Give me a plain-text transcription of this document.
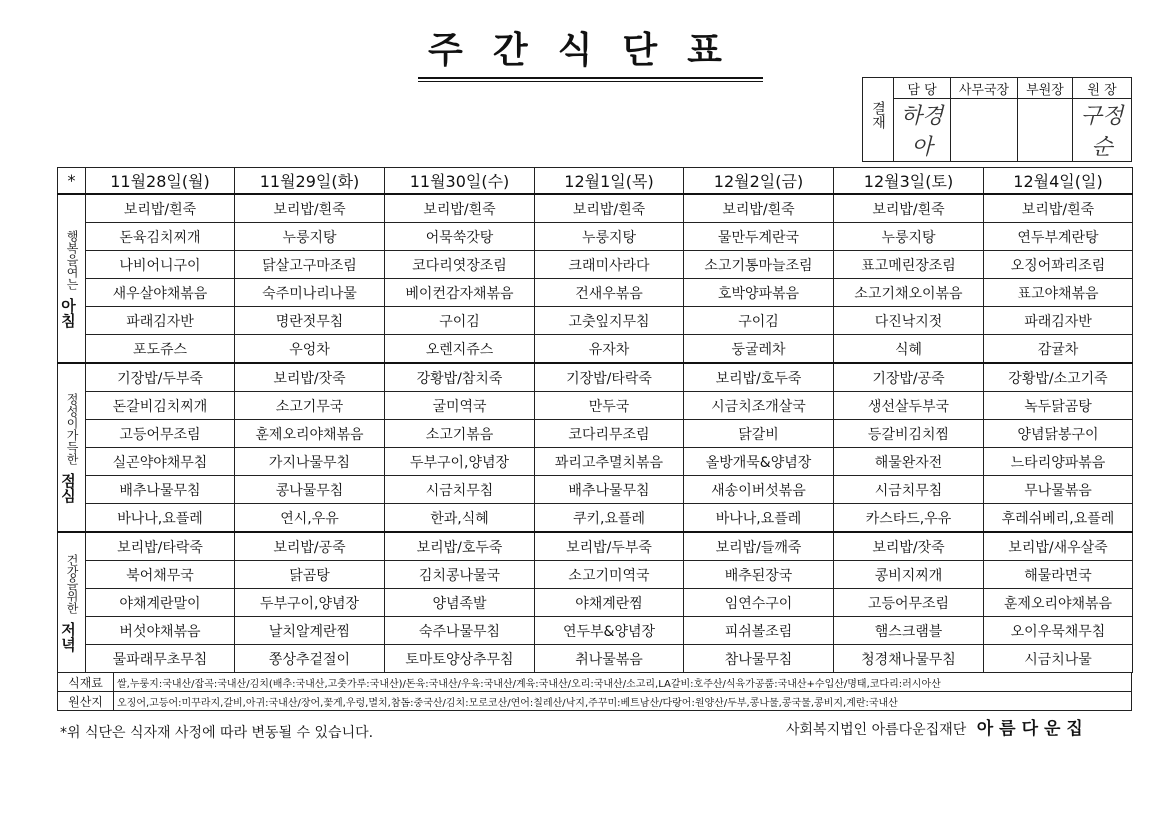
주간식단표
결재	담 당	사무국장	부원장	원 장
	하경아			구정순
*	11월28일(월)	11월29일(화)	11월30일(수)	12월1일(목)	12월2일(금)	12월3일(토)	12월4일(일)
행복을여는
아침	보리밥/흰죽	보리밥/흰죽	보리밥/흰죽	보리밥/흰죽	보리밥/흰죽	보리밥/흰죽	보리밥/흰죽
	돈육김치찌개	누룽지탕	어묵쑥갓탕	누룽지탕	물만두계란국	누룽지탕	연두부계란탕
	나비어니구이	닭살고구마조림	코다리엿장조림	크래미사라다	소고기통마늘조림	표고메린장조림	오징어꽈리조림
	새우살야채볶음	숙주미나리나물	베이컨감자채볶음	건새우볶음	호박양파볶음	소고기채오이볶음	표고야채볶음
	파래김자반	명란젓무침	구이김	고춧잎지무침	구이김	다진낙지젓	파래김자반
	포도쥬스	우엉차	오렌지쥬스	유자차	둥굴레차	식혜	감귤차
정성이가득한
점심	기장밥/두부죽	보리밥/잣죽	강황밥/참치죽	기장밥/타락죽	보리밥/호두죽	기장밥/공죽	강황밥/소고기죽
	돈갈비김치찌개	소고기무국	굴미역국	만두국	시금치조개살국	생선살두부국	녹두닭곰탕
	고등어무조림	훈제오리야채볶음	소고기볶음	코다리무조림	닭갈비	등갈비김치찜	양념닭봉구이
	실곤약야채무침	가지나물무침	두부구이,양념장	꽈리고추멸치볶음	올방개묵&양념장	해물완자전	느타리양파볶음
	배추나물무침	콩나물무침	시금치무침	배추나물무침	새송이버섯볶음	시금치무침	무나물볶음
	바나나,요플레	연시,우유	한과,식혜	쿠키,요플레	바나나,요플레	카스타드,우유	후레쉬베리,요플레
건강을위한
저녁	보리밥/타락죽	보리밥/공죽	보리밥/호두죽	보리밥/두부죽	보리밥/들깨죽	보리밥/잣죽	보리밥/새우살죽
	북어채무국	닭곰탕	김치콩나물국	소고기미역국	배추된장국	콩비지찌개	해물라면국
	야채계란말이	두부구이,양념장	양념족발	야채계란찜	임연수구이	고등어무조림	훈제오리야채볶음
	버섯야채볶음	날치알계란찜	숙주나물무침	연두부&양념장	피쉬볼조림	햄스크램블	오이우묵채무침
	물파래무초무침	쫑상추겉절이	토마토양상추무침	취나물볶음	참나물무침	청경채나물무침	시금치나물
식재료	쌀,누룽지:국내산/잡곡:국내산/김치(배추:국내산,고춧가루:국내산)/돈육:국내산/우육:국내산/계육:국내산/오리:국내산/소고리,LA갈비:호주산/식육가공품:국내산+수입산/명태,코다리:러시아산
원산지	오징어,고등어:미꾸라지,갈비,아귀:국내산/장어,꽃게,우렁,멸치,참돔:중국산/김치:모로코산/연어:칠레산/낙지,주꾸미:베트남산/다랑어:원양산/두부,콩나물,콩국물,콩비지,계란:국내산
*위 식단은 식자재 사정에 따라 변동될 수 있습니다.	사회복지법인 아름다운집재단 아름다운집
